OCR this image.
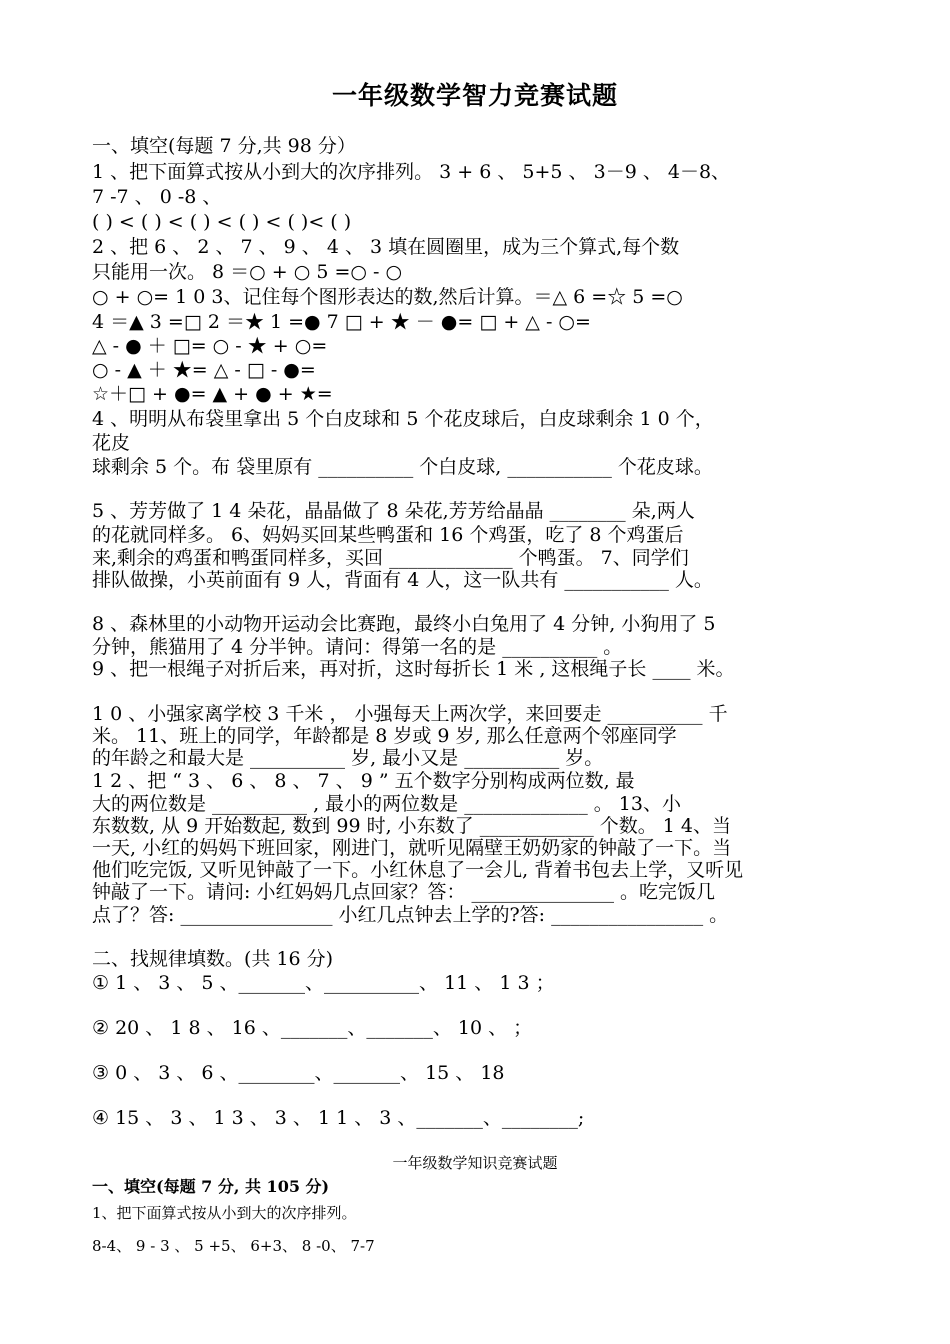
一年级数学智力竞赛试题
一、填空(每题 7 分,共 98 分）
1 、把下面算式按从小到大的次序排列。 3 + 6 、 5+5 、 3－9 、 4－8、
7 -7 、 0 -8 、
( ) < ( ) < ( ) < ( ) < ( )< ( )
2 、把 6 、 2 、 7 、 9 、 4 、 3 填在圆圈里，成为三个算式,每个数
只能用一次。 8 ＝○ + ○ 5 =○ - ○
○ + ○= 1 0 3、记住每个图形表达的数,然后计算。＝△ 6 =☆ 5 =○
4 ＝▲ 3 =□ 2 ＝★ 1 =● 7 □ + ★ － ●= □ + △ - ○=
△ - ● ＋ □= ○ - ★ + ○=
○ - ▲ ＋ ★= △ - □ - ●=
☆＋□ + ●= ▲ + ● + ★=
4 、明明从布袋里拿出 5 个白皮球和 5 个花皮球后，白皮球剩余 1 0 个，
花皮
球剩余 5 个。布 袋里原有 __________ 个白皮球, ___________ 个花皮球。
5 、芳芳做了 1 4 朵花，晶晶做了 8 朵花,芳芳给晶晶 ________ 朵,两人
的花就同样多。 6、妈妈买回某些鸭蛋和 16 个鸡蛋，吃了 8 个鸡蛋后
来,剩余的鸡蛋和鸭蛋同样多，买回 _____________ 个鸭蛋。 7、同学们
排队做操，小英前面有 9 人，背面有 4 人，这一队共有 ___________ 人。
8 、森林里的小动物开运动会比赛跑，最终小白兔用了 4 分钟, 小狗用了 5
分钟，熊猫用了 4 分半钟。请问：得第一名的是 __________ 。
9 、把一根绳子对折后来，再对折，这时每折长 1 米 , 这根绳子长 ____ 米。
1 0 、小强家离学校 3 千米 ， 小强每天上两次学，来回要走 __________ 千
米。 11、班上的同学，年龄都是 8 岁或 9 岁, 那么任意两个邻座同学
的年龄之和最大是 __________ 岁, 最小又是 __________ 岁。
1 2 、把 “ 3 、 6 、 8 、 7 、 9 ” 五个数字分别构成两位数, 最
大的两位数是 __________ , 最小的两位数是 _____________ 。 13、小
东数数, 从 9 开始数起, 数到 99 时, 小东数了 ____________ 个数。 1 4、当
一天, 小红的妈妈下班回家，刚进门，就听见隔壁王奶奶家的钟敲了一下。当
他们吃完饭, 又听见钟敲了一下。小红休息了一会儿, 背着书包去上学，又听见
钟敲了一下。请问: 小红妈妈几点回家？答： _______________ 。吃完饭几
点了？答: ________________ 小红几点钟去上学的?答: ________________ 。
二、找规律填数。(共 16 分)
① 1 、 3 、 5 、_______、__________、 11 、 1 3 ；
② 20 、 1 8 、 16 、_______、_______、 10 、 ；
③ 0 、 3 、 6 、________、_______、 15 、 18
④ 15 、 3 、 1 3 、 3 、 1 1 、 3 、_______、________;
一年级数学知识竞赛试题
一、填空(每题 7 分, 共 105 分)
1、把下面算式按从小到大的次序排列。
8-4、 9 - 3 、 5 +5、 6+3、 8 -0、 7-7
